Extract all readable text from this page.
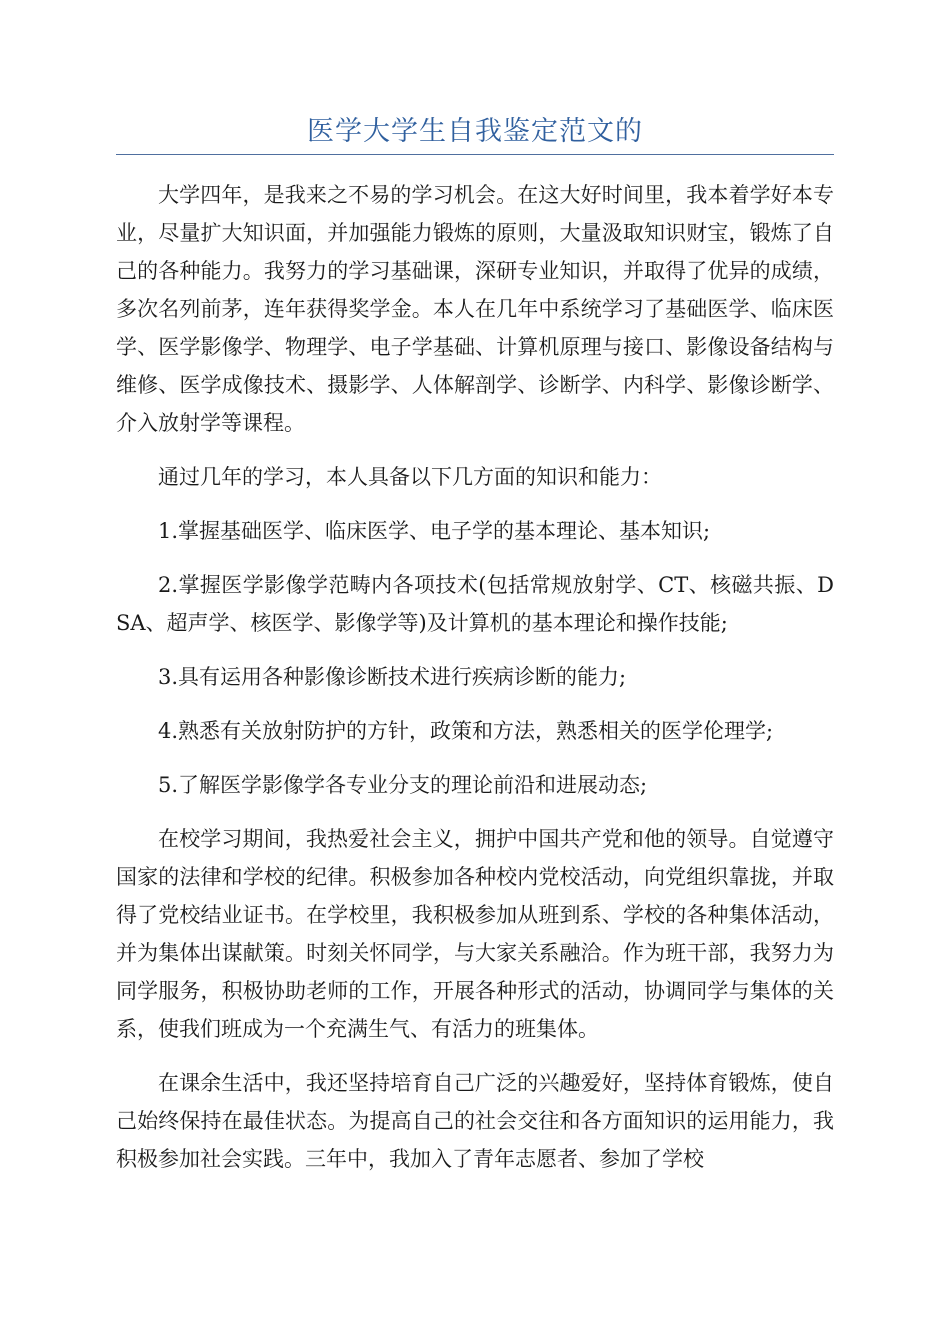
医学大学生自我鉴定范文的

大学四年，是我来之不易的学习机会。在这大好时间里，我本着学好本专业，尽量扩大知识面，并加强能力锻炼的原则，大量汲取知识财宝，锻炼了自己的各种能力。我努力的学习基础课，深研专业知识，并取得了优异的成绩，多次名列前茅，连年获得奖学金。本人在几年中系统学习了基础医学、临床医学、医学影像学、物理学、电子学基础、计算机原理与接口、影像设备结构与维修、医学成像技术、摄影学、人体解剖学、诊断学、内科学、影像诊断学、介入放射学等课程。

通过几年的学习，本人具备以下几方面的知识和能力：

1.掌握基础医学、临床医学、电子学的基本理论、基本知识;

2.掌握医学影像学范畴内各项技术(包括常规放射学、CT、核磁共振、DSA、超声学、核医学、影像学等)及计算机的基本理论和操作技能;

3.具有运用各种影像诊断技术进行疾病诊断的能力;

4.熟悉有关放射防护的方针，政策和方法，熟悉相关的医学伦理学;

5.了解医学影像学各专业分支的理论前沿和进展动态;

在校学习期间，我热爱社会主义，拥护中国共产党和他的领导。自觉遵守国家的法律和学校的纪律。积极参加各种校内党校活动，向党组织靠拢，并取得了党校结业证书。在学校里，我积极参加从班到系、学校的各种集体活动，并为集体出谋献策。时刻关怀同学，与大家关系融洽。作为班干部，我努力为同学服务，积极协助老师的工作，开展各种形式的活动，协调同学与集体的关系，使我们班成为一个充满生气、有活力的班集体。

在课余生活中，我还坚持培育自己广泛的兴趣爱好，坚持体育锻炼，使自己始终保持在最佳状态。为提高自己的社会交往和各方面知识的运用能力，我积极参加社会实践。三年中，我加入了青年志愿者、参加了学校
